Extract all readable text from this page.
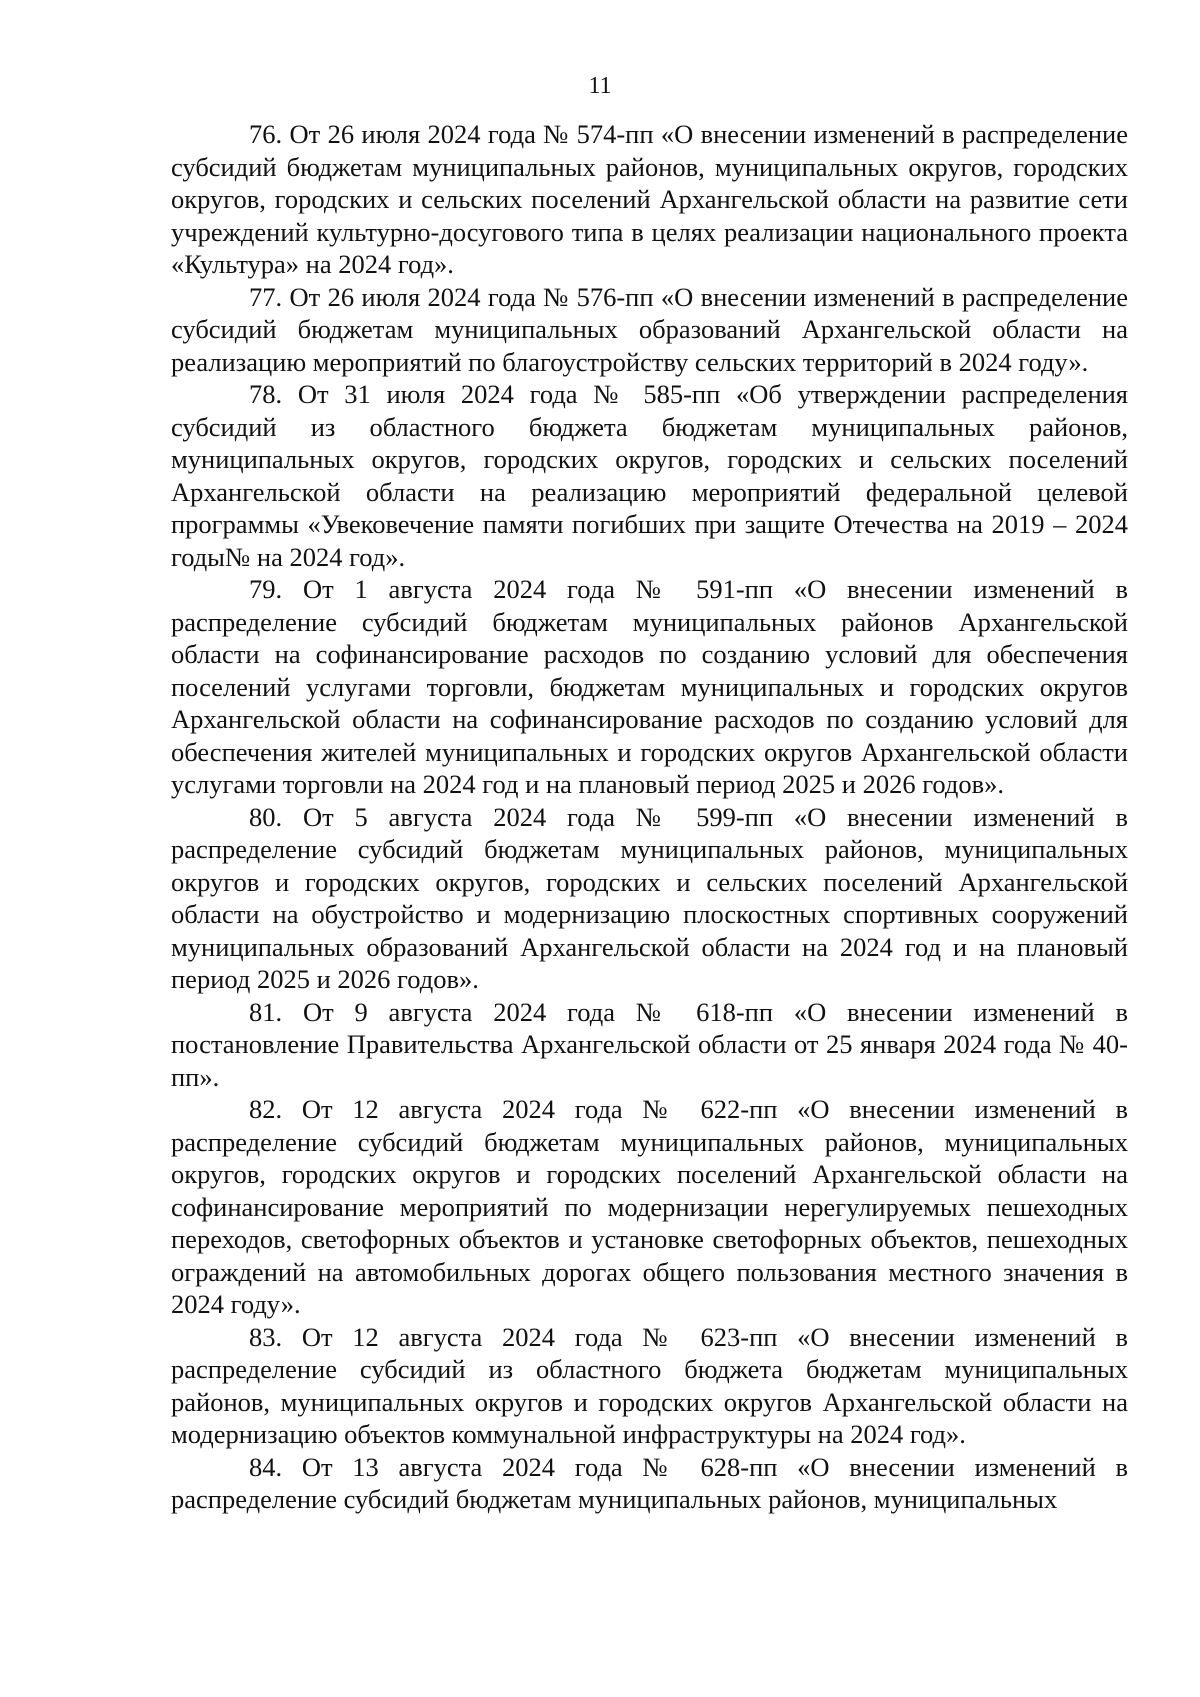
11

76. От 26 июля 2024 года № 574-пп «О внесении изменений в распределение субсидий бюджетам муниципальных районов, муниципальных округов, городских округов, городских и сельских поселений Архангельской области на развитие сети учреждений культурно-досугового типа в целях реализации национального проекта «Культура» на 2024 год».

77. От 26 июля 2024 года № 576-пп «О внесении изменений в распределение субсидий бюджетам муниципальных образований Архангельской области на реализацию мероприятий по благоустройству сельских территорий в 2024 году».

78. От 31 июля 2024 года № 585-пп «Об утверждении распределения субсидий из областного бюджета бюджетам муниципальных районов, муниципальных округов, городских округов, городских и сельских поселений Архангельской области на реализацию мероприятий федеральной целевой программы «Увековечение памяти погибших при защите Отечества на 2019 – 2024 годы№ на 2024 год».

79. От 1 августа 2024 года № 591-пп «О внесении изменений в распределение субсидий бюджетам муниципальных районов Архангельской области на софинансирование расходов по созданию условий для обеспечения поселений услугами торговли, бюджетам муниципальных и городских округов Архангельской области на софинансирование расходов по созданию условий для обеспечения жителей муниципальных и городских округов Архангельской области услугами торговли на 2024 год и на плановый период 2025 и 2026 годов».

80. От 5 августа 2024 года № 599-пп «О внесении изменений в распределение субсидий бюджетам муниципальных районов, муниципальных округов и городских округов, городских и сельских поселений Архангельской области на обустройство и модернизацию плоскостных спортивных сооружений муниципальных образований Архангельской области на 2024 год и на плановый период 2025 и 2026 годов».

81. От 9 августа 2024 года № 618-пп «О внесении изменений в постановление Правительства Архангельской области от 25 января 2024 года № 40-пп».

82. От 12 августа 2024 года № 622-пп «О внесении изменений в распределение субсидий бюджетам муниципальных районов, муниципальных округов, городских округов и городских поселений Архангельской области на софинансирование мероприятий по модернизации нерегулируемых пешеходных переходов, светофорных объектов и установке светофорных объектов, пешеходных ограждений на автомобильных дорогах общего пользования местного значения в 2024 году».

83. От 12 августа 2024 года № 623-пп «О внесении изменений в распределение субсидий из областного бюджета бюджетам муниципальных районов, муниципальных округов и городских округов Архангельской области на модернизацию объектов коммунальной инфраструктуры на 2024 год».

84. От 13 августа 2024 года № 628-пп «О внесении изменений в распределение субсидий бюджетам муниципальных районов, муниципальных
